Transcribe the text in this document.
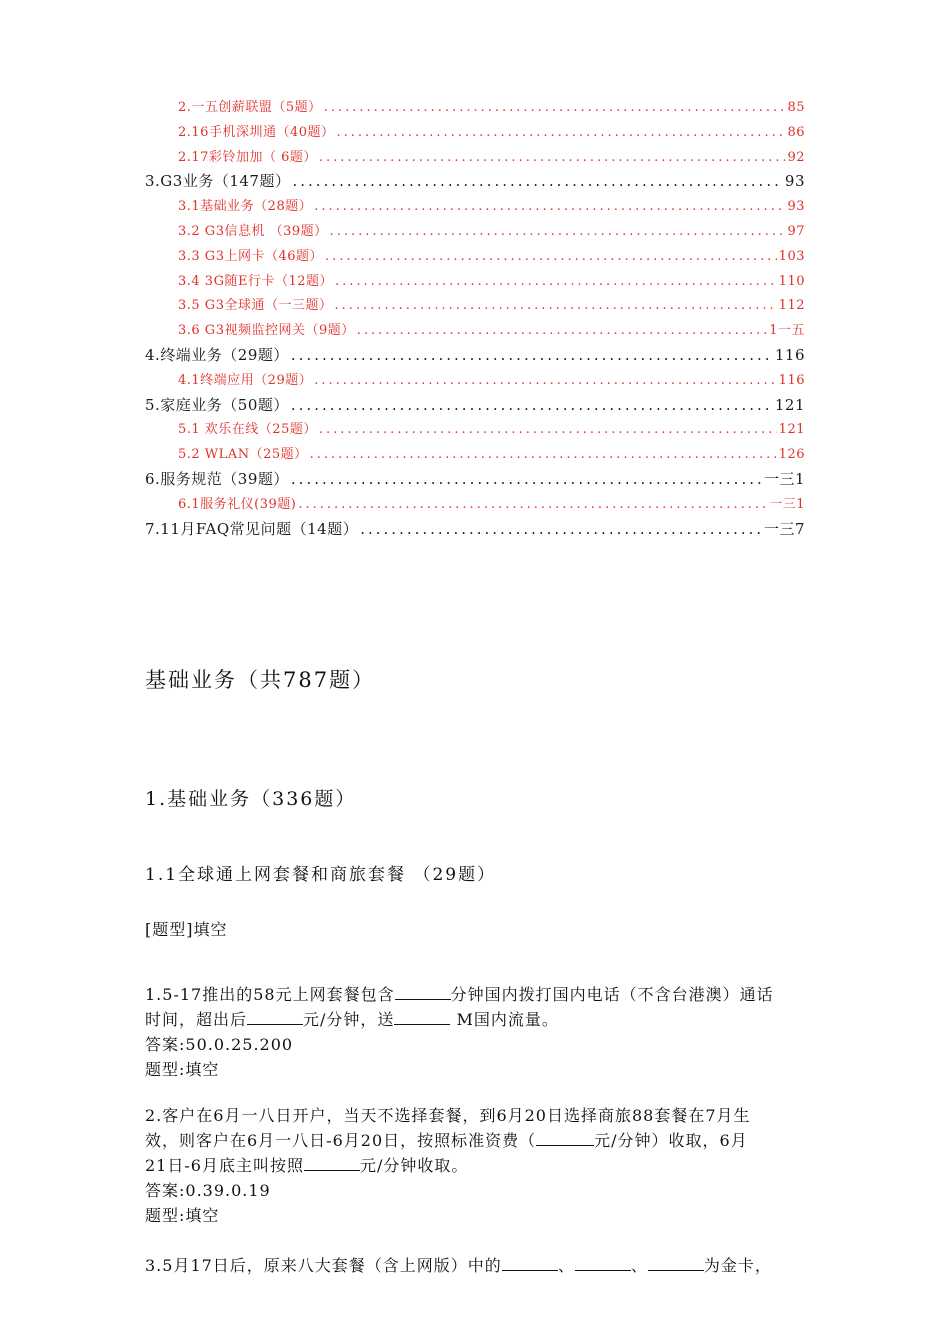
2.一五创薪联盟（5题） .....	85
2.16手机深圳通（40题） .....	86
2.17彩铃加加（ 6题） .....	92
3.G3业务（147题） .....	93
3.1基础业务（28题） .....	93
3.2 G3信息机 （39题） .....	97
3.3 G3上网卡（46题） .....	103
3.4 3G随E行卡（12题） .....	110
3.5 G3全球通（一三题） .....	112
3.6 G3视频监控网关（9题） .....	1一五
4.终端业务（29题） .....	116
4.1终端应用（29题） .....	116
5.家庭业务（50题） .....	121
5.1 欢乐在线（25题） .....	121
5.2 WLAN（25题） .....	126
6.服务规范（39题） .....	一三1
6.1服务礼仪(39题) .....	一三1
7.11月FAQ常见问题（14题） .....	一三7
基础业务（共787题）
1.基础业务（336题）
1.1全球通上网套餐和商旅套餐 （29题）
[题型]填空
1.5-17推出的58元上网套餐包含	分钟国内拨打国内电话（不含台港澳）通话
时间，超出后	元/分钟，送	M国内流量。
答案:50.0.25.200
题型:填空
2.客户在6月一八日开户，当天不选择套餐，到6月20日选择商旅88套餐在7月生
效，则客户在6月一八日-6月20日，按照标准资费（	元/分钟）收取，6月
21日-6月底主叫按照	元/分钟收取。
答案:0.39.0.19
题型:填空
3.5月17日后，原来八大套餐（含上网版）中的	、	、	为金卡，
